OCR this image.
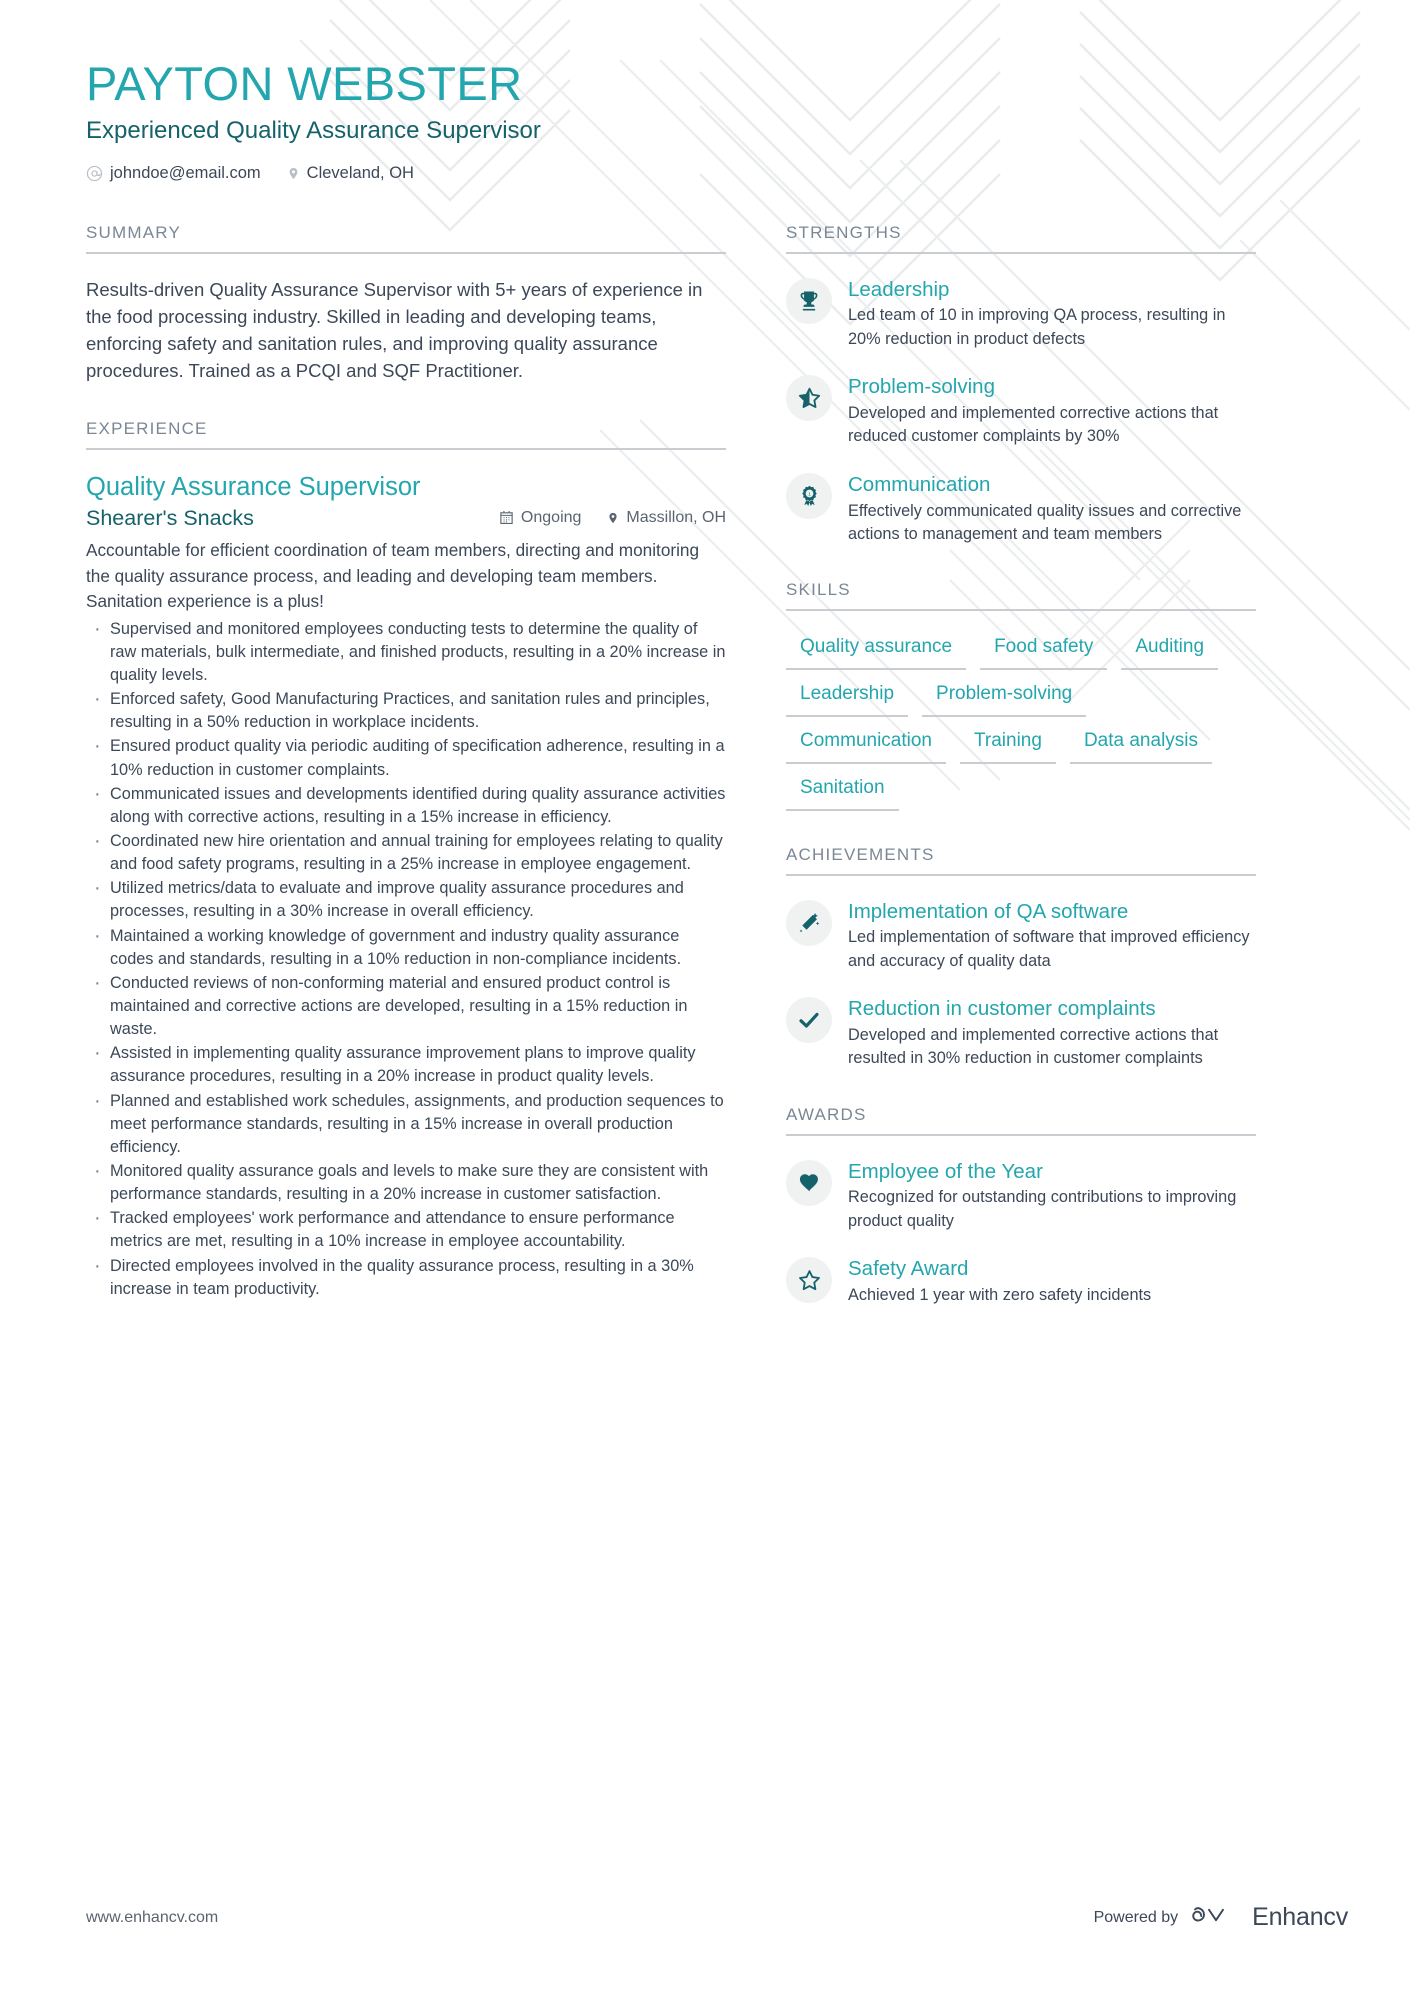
PAYTON WEBSTER
Experienced Quality Assurance Supervisor
johndoe@email.com	Cleveland, OH
SUMMARY

Results-driven Quality Assurance Supervisor with 5+ years of experience in the food processing industry. Skilled in leading and developing teams, enforcing safety and sanitation rules, and improving quality assurance procedures. Trained as a PCQI and SQF Practitioner.

EXPERIENCE
Quality Assurance Supervisor
Shearer's Snacks	Ongoing	Massillon, OH

Accountable for efficient coordination of team members, directing and monitoring the quality assurance process, and leading and developing team members. Sanitation experience is a plus!

· Supervised and monitored employees conducting tests to determine the quality of raw materials, bulk intermediate, and finished products, resulting in a 20% increase in quality levels.
· Enforced safety, Good Manufacturing Practices, and sanitation rules and principles, resulting in a 50% reduction in workplace incidents.
· Ensured product quality via periodic auditing of specification adherence, resulting in a 10% reduction in customer complaints.
· Communicated issues and developments identified during quality assurance activities along with corrective actions, resulting in a 15% increase in efficiency.
· Coordinated new hire orientation and annual training for employees relating to quality and food safety programs, resulting in a 25% increase in employee engagement.
· Utilized metrics/data to evaluate and improve quality assurance procedures and processes, resulting in a 30% increase in overall efficiency.
· Maintained a working knowledge of government and industry quality assurance codes and standards, resulting in a 10% reduction in non-compliance incidents.
· Conducted reviews of non-conforming material and ensured product control is maintained and corrective actions are developed, resulting in a 15% reduction in waste.
· Assisted in implementing quality assurance improvement plans to improve quality assurance procedures, resulting in a 20% increase in product quality levels.
· Planned and established work schedules, assignments, and production sequences to meet performance standards, resulting in a 15% increase in overall production efficiency.
· Monitored quality assurance goals and levels to make sure they are consistent with performance standards, resulting in a 20% increase in customer satisfaction.
· Tracked employees' work performance and attendance to ensure performance metrics are met, resulting in a 10% increase in employee accountability.
· Directed employees involved in the quality assurance process, resulting in a 30% increase in team productivity.
STRENGTHS
Leadership
Led team of 10 in improving QA process, resulting in 20% reduction in product defects
Problem-solving
Developed and implemented corrective actions that reduced customer complaints by 30%
1 Communication
Effectively communicated quality issues and corrective actions to management and team members
SKILLS
Quality assurance	Food safety	Auditing
Leadership	Problem-solving
Communication	Training	Data analysis
Sanitation
ACHIEVEMENTS
Implementation of QA software
Led implementation of software that improved efficiency and accuracy of quality data
Reduction in customer complaints
Developed and implemented corrective actions that resulted in 30% reduction in customer complaints
AWARDS
Employee of the Year
Recognized for outstanding contributions to improving product quality
Safety Award
Achieved 1 year with zero safety incidents
www.enhancv.com	Powered by	Enhancv
